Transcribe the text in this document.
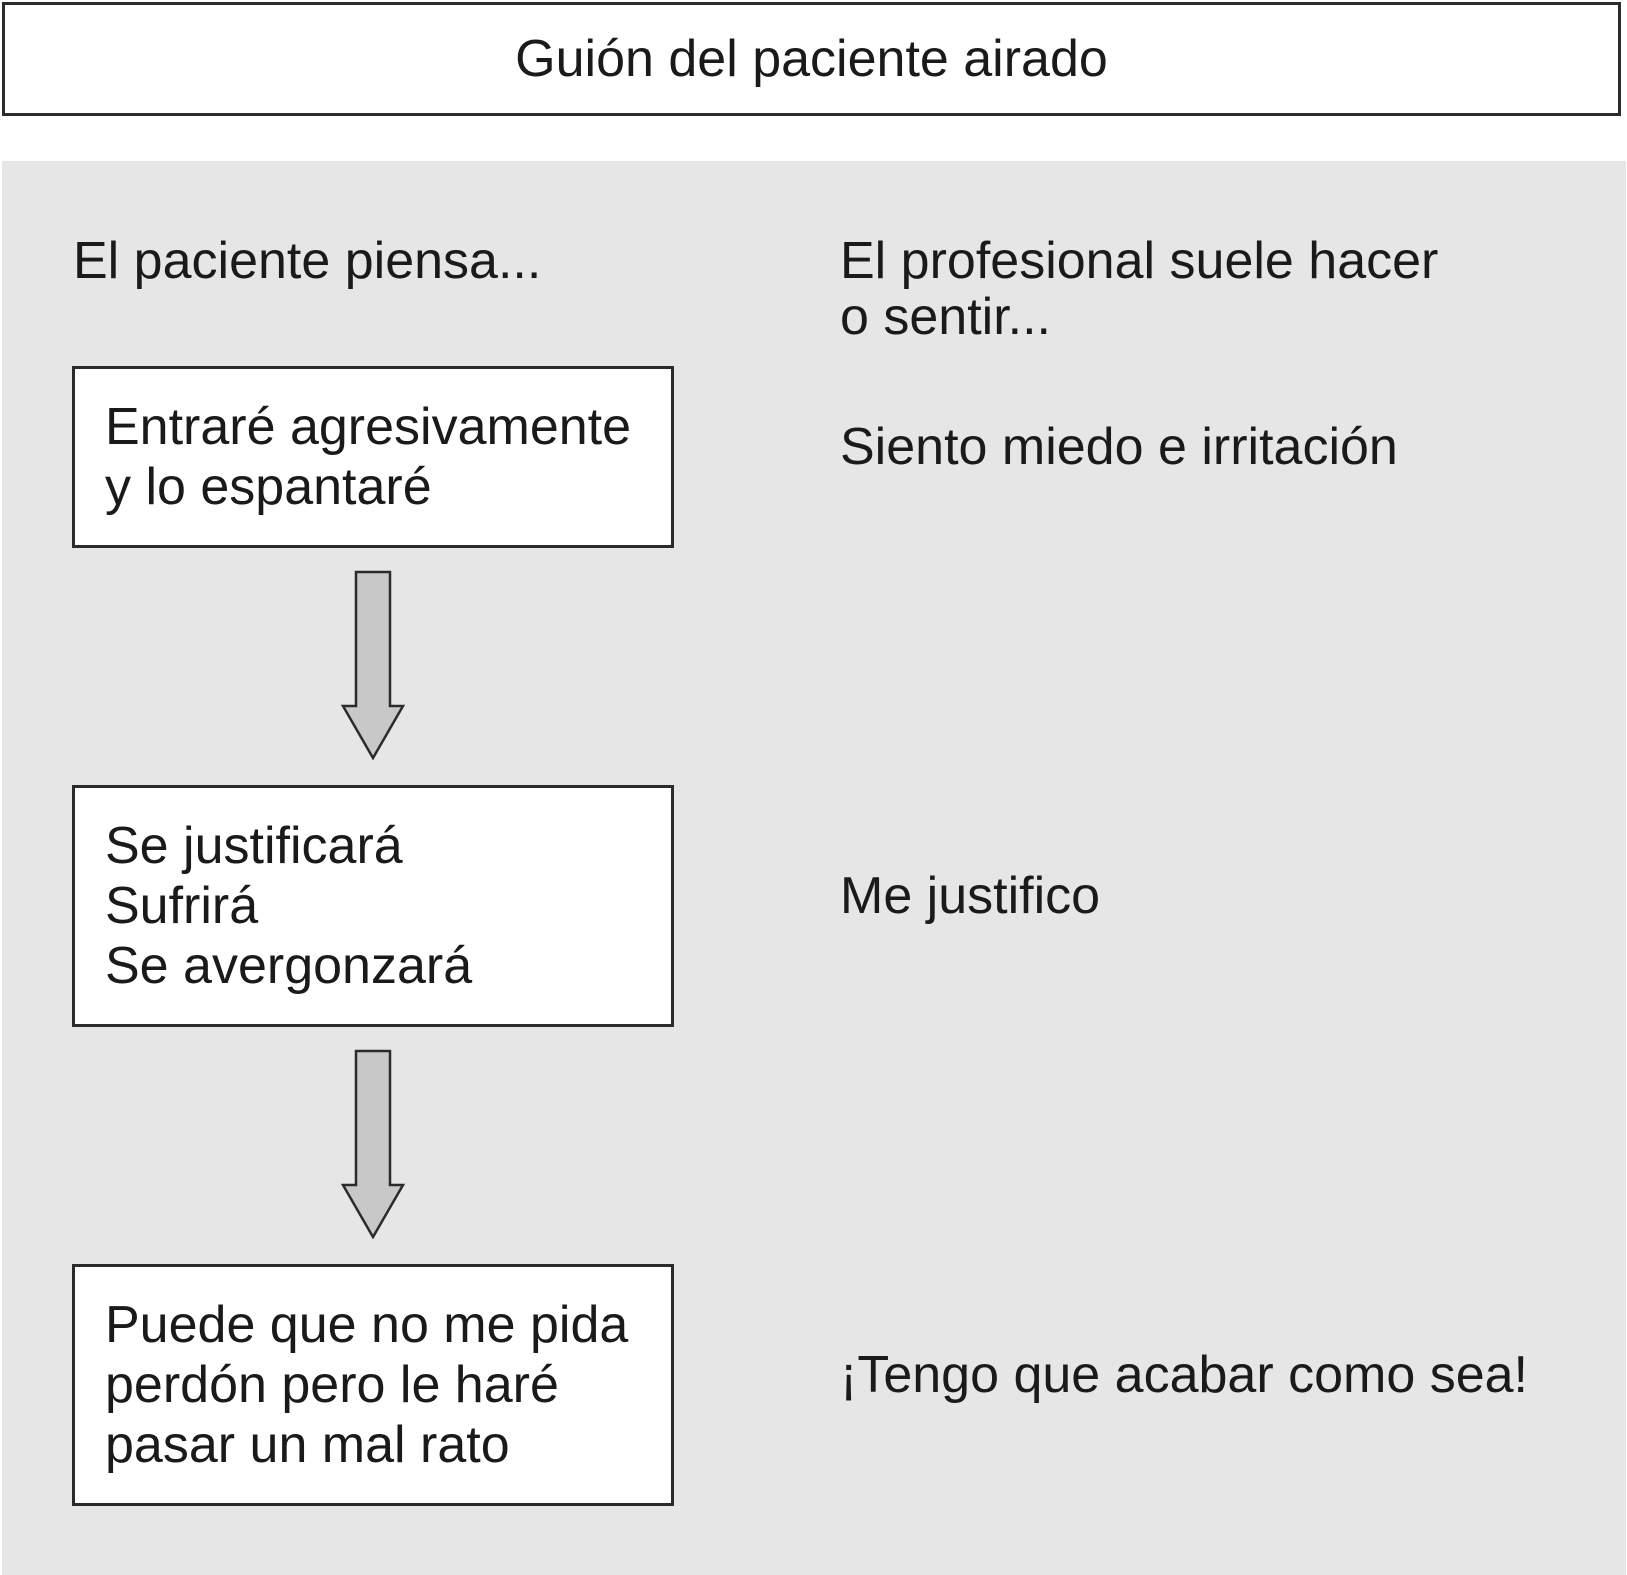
Guión del paciente airado
El paciente piensa...	El profesional suele hacer
o sentir...
Entraré agresivamente
y lo espantaré
Siento miedo e irritación
Se justificará
Sufrirá
Se avergonzará
Me justifico
Puede que no me pida
perdón pero le haré
pasar un mal rato
¡Tengo que acabar como sea!
